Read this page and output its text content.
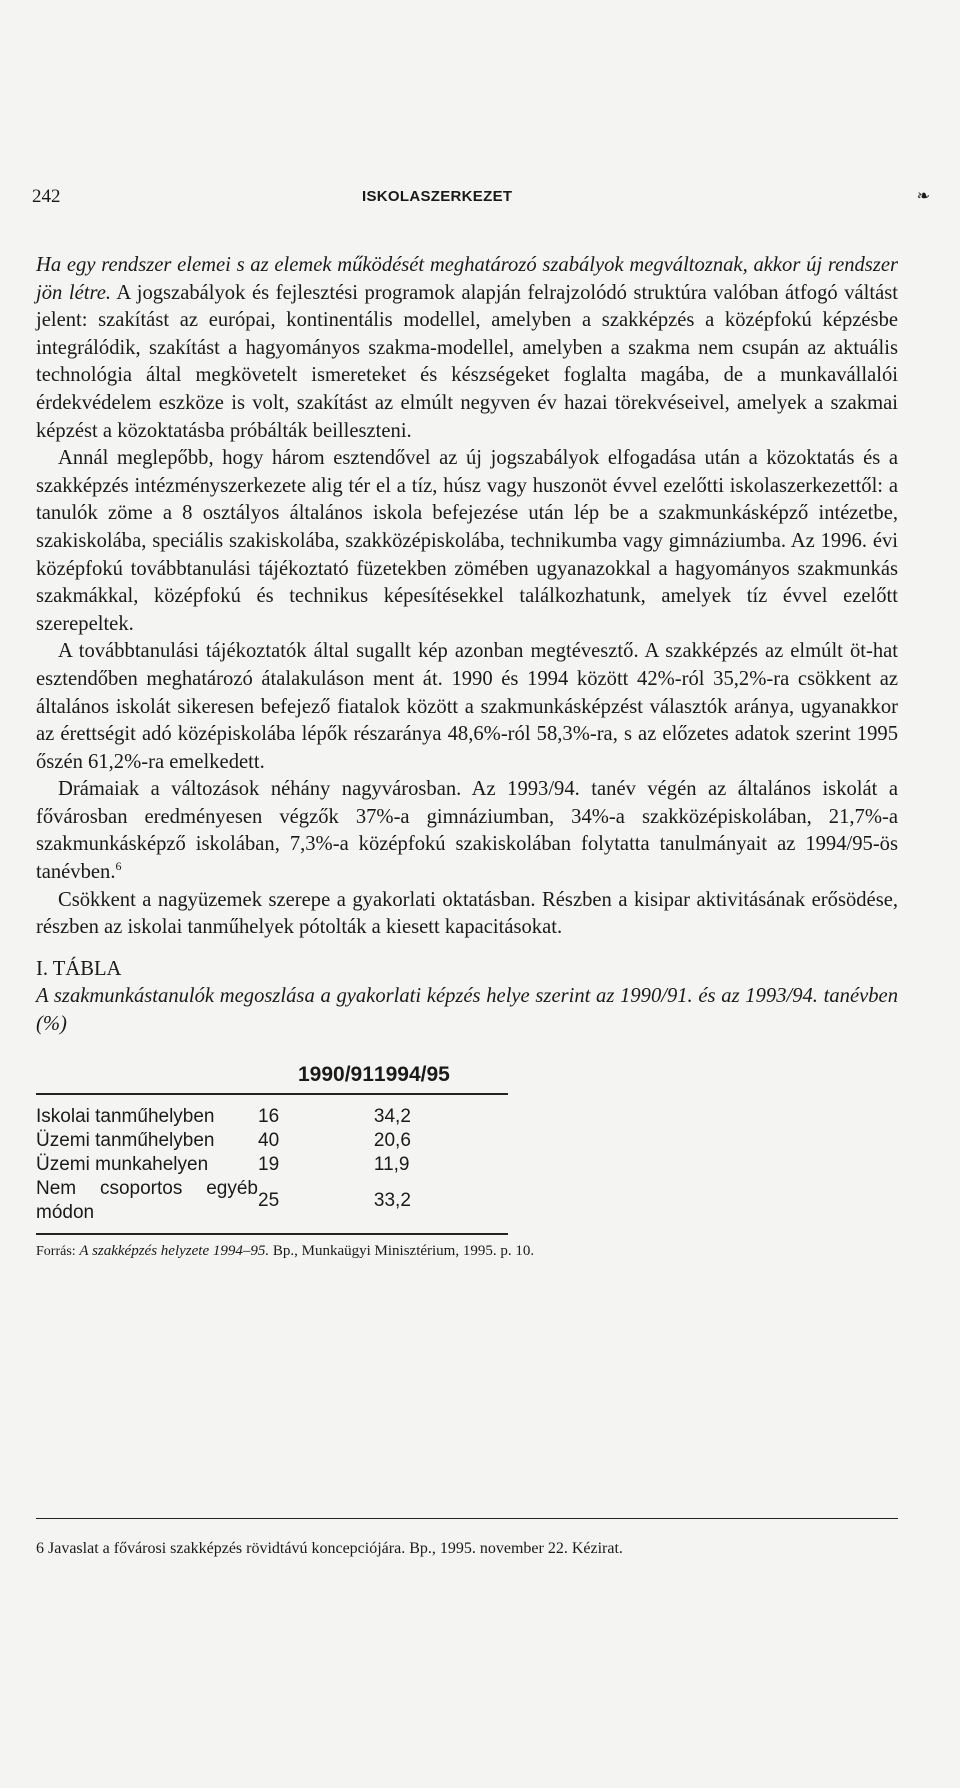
242	ISKOLASZERKEZET	❧

Ha egy rendszer elemei s az elemek működését meghatározó szabályok megváltoznak, akkor új rendszer jön létre. A jogszabályok és fejlesztési programok alapján felrajzolódó struktúra valóban átfogó váltást jelent: szakítást az európai, kontinentális modellel, amelyben a szakképzés a középfokú képzésbe integrálódik, szakítást a hagyományos szakma-modellel, amelyben a szakma nem csupán az aktuális technológia által megkövetelt ismereteket és készségeket foglalta magába, de a munkavállalói érdekvédelem eszköze is volt, szakítást az elmúlt negyven év hazai törekvéseivel, amelyek a szakmai képzést a közoktatásba próbálták beilleszteni.

Annál meglepőbb, hogy három esztendővel az új jogszabályok elfogadása után a közoktatás és a szakképzés intézményszerkezete alig tér el a tíz, húsz vagy huszonöt évvel ezelőtti iskolaszerkezettől: a tanulók zöme a 8 osztályos általános iskola befejezése után lép be a szakmunkásképző intézetbe, szakiskolába, speciális szakiskolába, szakközépiskolába, technikumba vagy gimnáziumba. Az 1996. évi középfokú továbbtanulási tájékoztató füzetekben zömében ugyanazokkal a hagyományos szakmunkás szakmákkal, középfokú és technikus képesítésekkel találkozhatunk, amelyek tíz évvel ezelőtt szerepeltek.

A továbbtanulási tájékoztatók által sugallt kép azonban megtévesztő. A szakképzés az elmúlt öt-hat esztendőben meghatározó átalakuláson ment át. 1990 és 1994 között 42%-ról 35,2%-ra csökkent az általános iskolát sikeresen befejező fiatalok között a szakmunkásképzést választók aránya, ugyanakkor az érettségit adó középiskolába lépők részaránya 48,6%-ról 58,3%-ra, s az előzetes adatok szerint 1995 őszén 61,2%-ra emelkedett.

Drámaiak a változások néhány nagyvárosban. Az 1993/94. tanév végén az általános iskolát a fővárosban eredményesen végzők 37%-a gimnáziumban, 34%-a szakközépiskolában, 21,7%-a szakmunkásképző iskolában, 7,3%-a középfokú szakiskolában folytatta tanulmányait az 1994/95-ös tanévben.$^6$

Csökkent a nagyüzemek szerepe a gyakorlati oktatásban. Részben a kisipar aktivitásának erősödése, részben az iskolai tanműhelyek pótolták a kiesett kapacitásokat.

I. TÁBLA

A szakmunkástanulók megoszlása a gyakorlati képzés helye szerint az 1990/91. és az 1993/94. tanévben (%)

	1990/91	1994/95
Iskolai tanműhelyben	16	34,2
Üzemi tanműhelyben	40	20,6
Üzemi munkahelyen	19	11,9
Nem csoportos egyéb módon	25	33,2
Forrás: A szakképzés helyzete 1994–95. Bp., Munkaügyi Minisztérium, 1995. p. 10.
6 Javaslat a fővárosi szakképzés rövidtávú koncepciójára. Bp., 1995. november 22. Kézirat.
